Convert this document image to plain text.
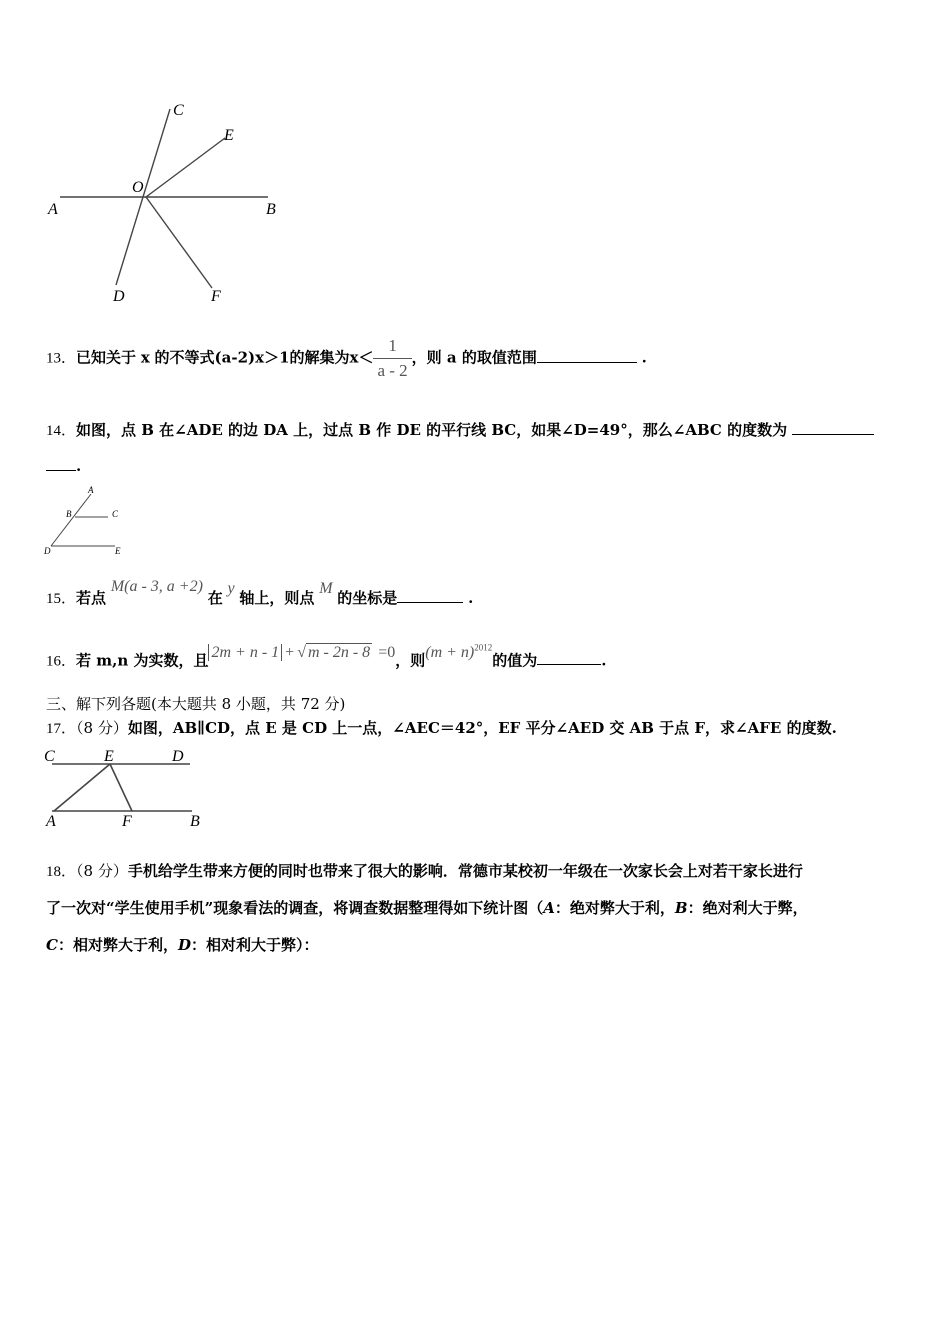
C
E
O
A	B
D	F
13．已知关于 x 的不等式(a-2)x＞1的解集为$x< \frac{1}{a - 2}$ ，则 a 的取值范围	.
14．如图，点 B 在∠ADE 的边 DA 上，过点 B 作 DE 的平行线 BC，如果∠D=49°，那么∠ABC 的度数为
.
A
B	C
D	E
15．若点 M(a - 3, a +2) 在 y 轴上，则点 M 的坐标是	.
16．若 m,n 为实数，且 2m + n - 1 + √ m - 2n - 8 =0，则$(m + n)^{2012}$的值为	.
三、解下列各题(本大题共 8 小题，共 72 分)
17．（8 分）如图，AB∥CD，点 E 是 CD 上一点，∠AEC＝42°，EF 平分∠AED 交 AB 于点 F，求∠AFE 的度数.
C	E	D
A	F	B
18．（8 分）手机给学生带来方便的同时也带来了很大的影响．常德市某校初一年级在一次家长会上对若干家长进行
了一次对“学生使用手机”现象看法的调查，将调查数据整理得如下统计图（A：绝对弊大于利，B：绝对利大于弊，
C：相对弊大于利，D：相对利大于弊）：
